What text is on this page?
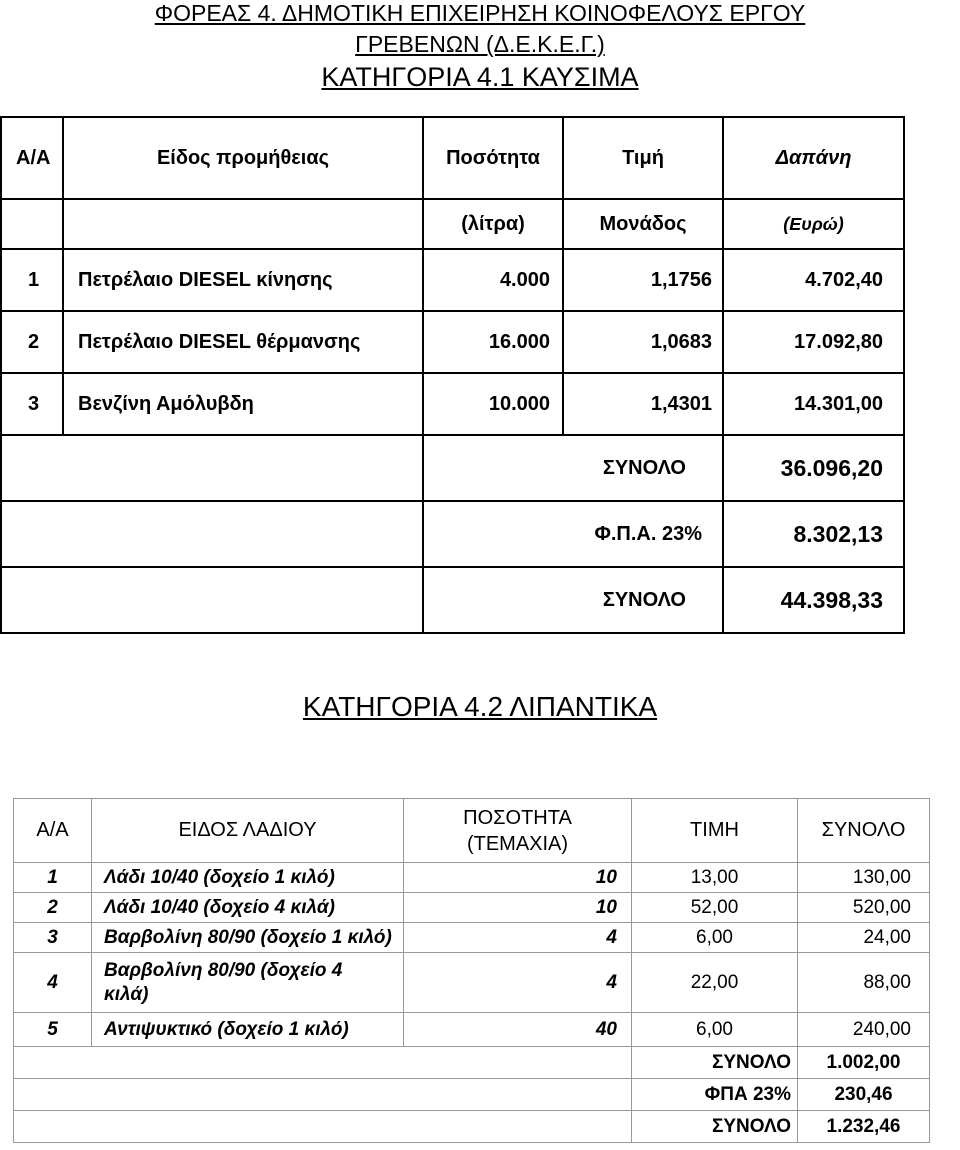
ΦΟΡΕΑΣ 4. ΔΗΜΟΤΙΚΗ ΕΠΙΧΕΙΡΗΣΗ ΚΟΙΝΟΦΕΛΟΥΣ ΕΡΓΟΥ
ΓΡΕΒΕΝΩΝ (Δ.Ε.Κ.Ε.Γ.)
ΚΑΤΗΓΟΡΙΑ 4.1 ΚΑΥΣΙΜΑ
Α/Α	Είδος προμήθειας	Ποσότητα	Τιμή	Δαπάνη

		(λίτρα)	Μονάδος	(Ευρώ)
1	Πετρέλαιο DIESEL κίνησης	4.000	1,1756	4.702,40
2	Πετρέλαιο DIESEL θέρμανσης	16.000	1,0683	17.092,80
3	Βενζίνη Αμόλυβδη	10.000	1,4301	14.301,00
		ΣΥΝΟΛΟ		36.096,20
		Φ.Π.Α. 23%		8.302,13
		ΣΥΝΟΛΟ		44.398,33
ΚΑΤΗΓΟΡΙΑ 4.2 ΛΙΠΑΝΤΙΚΑ
Α/Α	ΕΙΔΟΣ ΛΑΔΙΟΥ	ΠΟΣΟΤΗΤΑ
(ΤΕΜΑΧΙΑ)	ΤΙΜΗ	ΣΥΝΟΛΟ
1	Λάδι 10/40 (δοχείο 1 κιλό)	10	13,00	130,00
2	Λάδι 10/40 (δοχείο 4 κιλά)	10	52,00	520,00
3	Βαρβολίνη 80/90 (δοχείο 1 κιλό)	4	6,00	24,00
4	Βαρβολίνη 80/90 (δοχείο 4
κιλά)	4	22,00	88,00
5	Αντιψυκτικό (δοχείο 1 κιλό)	40	6,00	240,00
			ΣΥΝΟΛΟ	1.002,00
			ΦΠΑ 23%	230,46
			ΣΥΝΟΛΟ	1.232,46
